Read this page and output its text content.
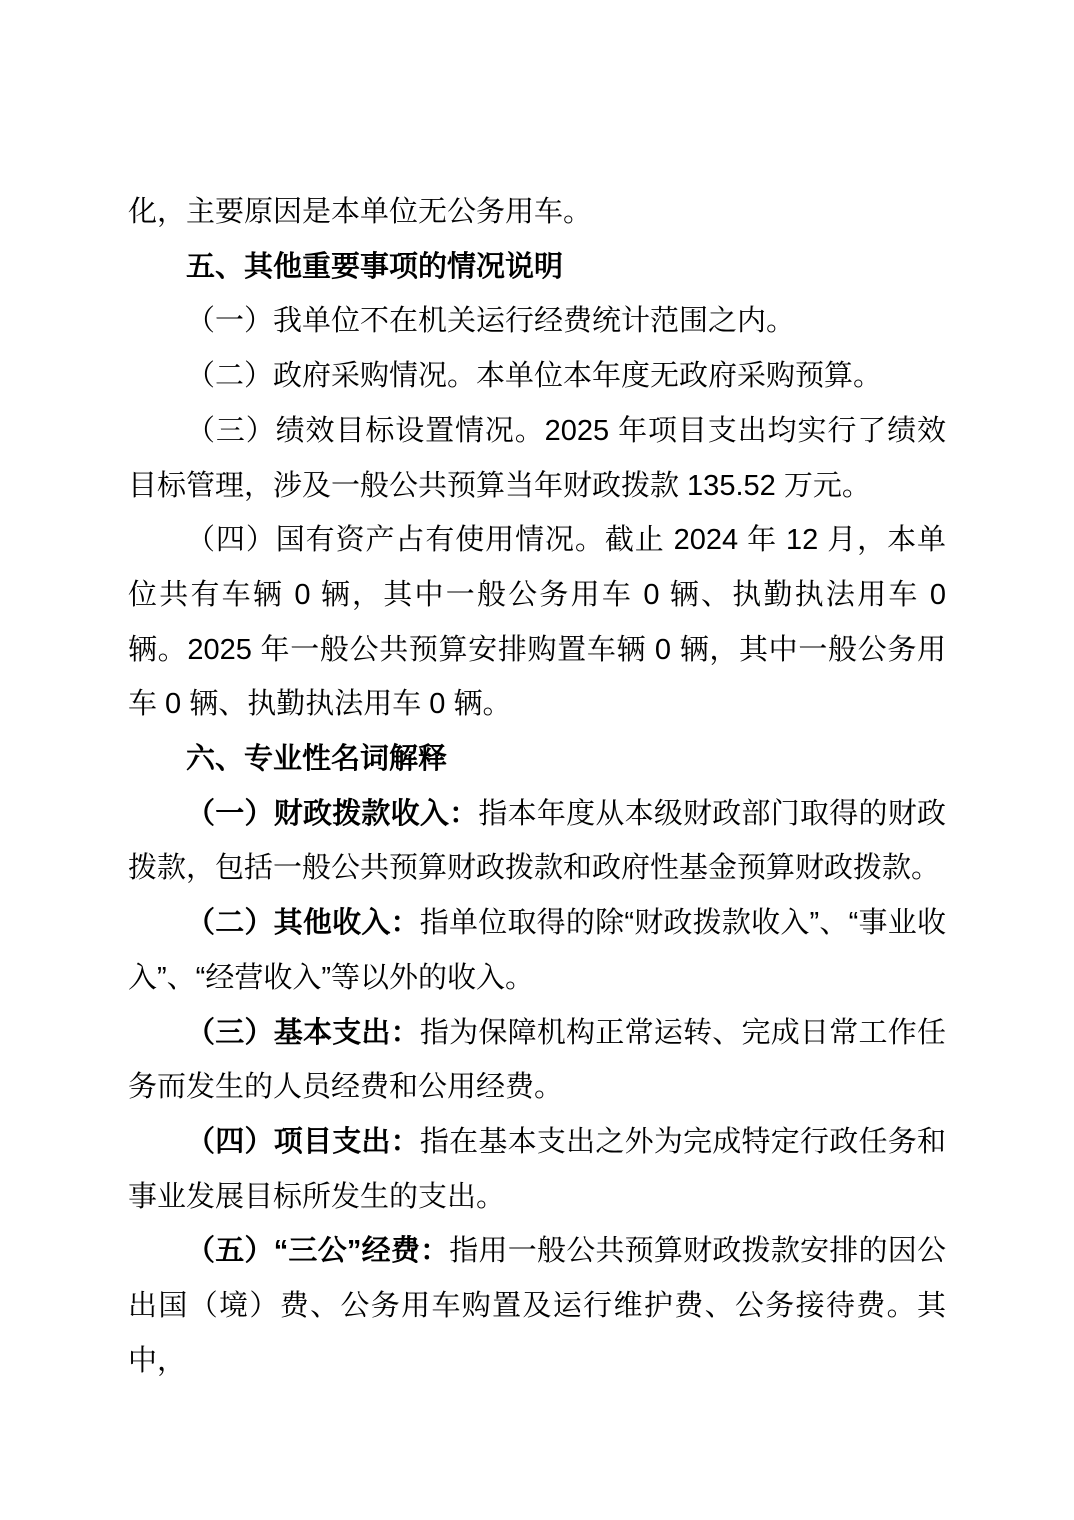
化，主要原因是本单位无公务用车。

五、其他重要事项的情况说明

（一）我单位不在机关运行经费统计范围之内。

（二）政府采购情况。本单位本年度无政府采购预算。

（三）绩效目标设置情况。2025 年项目支出均实行了绩效目标管理，涉及一般公共预算当年财政拨款 135.52 万元。

（四）国有资产占有使用情况。截止 2024 年 12 月，本单位共有车辆 0 辆，其中一般公务用车 0 辆、执勤执法用车 0 辆。2025 年一般公共预算安排购置车辆 0 辆，其中一般公务用车 0 辆、执勤执法用车 0 辆。

六、专业性名词解释

（一）财政拨款收入：指本年度从本级财政部门取得的财政拨款，包括一般公共预算财政拨款和政府性基金预算财政拨款。

（二）其他收入：指单位取得的除“财政拨款收入”、“事业收入”、“经营收入”等以外的收入。

（三）基本支出：指为保障机构正常运转、完成日常工作任务而发生的人员经费和公用经费。

（四）项目支出：指在基本支出之外为完成特定行政任务和事业发展目标所发生的支出。

（五）“三公”经费：指用一般公共预算财政拨款安排的因公出国（境）费、公务用车购置及运行维护费、公务接待费。其中，
